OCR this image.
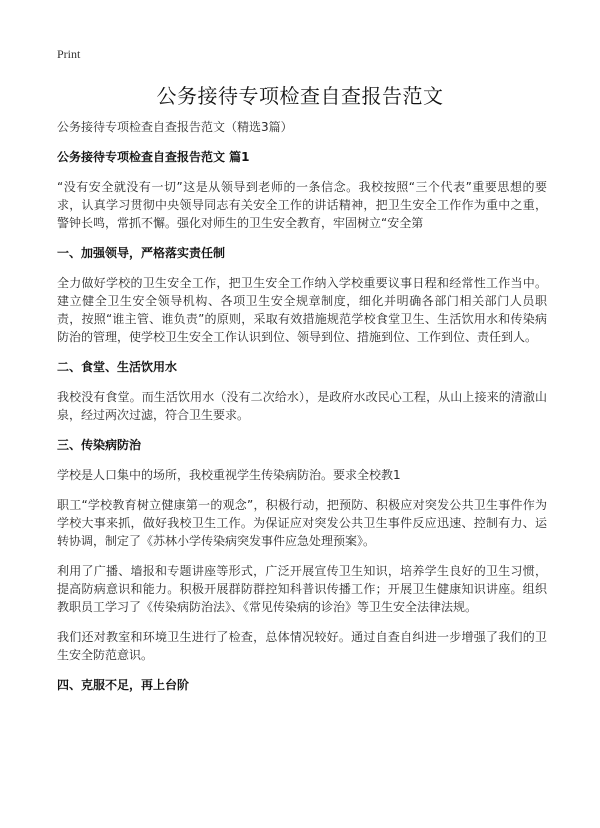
Print
公务接待专项检查自查报告范文

公务接待专项检查自查报告范文（精选3篇）

公务接待专项检查自查报告范文 篇1

“没有安全就没有一切”这是从领导到老师的一条信念。我校按照“三个代表”重要思想的要求，认真学习贯彻中央领导同志有关安全工作的讲话精神，把卫生安全工作作为重中之重，警钟长鸣，常抓不懈。强化对师生的卫生安全教育，牢固树立“安全第

一、加强领导，严格落实责任制

全力做好学校的卫生安全工作，把卫生安全工作纳入学校重要议事日程和经常性工作当中。建立健全卫生安全领导机构、各项卫生安全规章制度，细化并明确各部门相关部门人员职责，按照“谁主管、谁负责”的原则，采取有效措施规范学校食堂卫生、生活饮用水和传染病防治的管理，使学校卫生安全工作认识到位、领导到位、措施到位、工作到位、责任到人。

二、食堂、生活饮用水

我校没有食堂。而生活饮用水（没有二次给水），是政府水改民心工程，从山上接来的清澈山泉，经过两次过滤，符合卫生要求。

三、传染病防治

学校是人口集中的场所，我校重视学生传染病防治。要求全校教1

职工“学校教育树立健康第一的观念”，积极行动，把预防、积极应对突发公共卫生事件作为学校大事来抓，做好我校卫生工作。为保证应对突发公共卫生事件反应迅速、控制有力、运转协调，制定了《苏林小学传染病突发事件应急处理预案》。

利用了广播、墙报和专题讲座等形式，广泛开展宣传卫生知识，培养学生良好的卫生习惯，提高防病意识和能力。积极开展群防群控知科普识传播工作；开展卫生健康知识讲座。组织教职员工学习了《传染病防治法》、《常见传染病的诊治》等卫生安全法律法规。

我们还对教室和环境卫生进行了检查，总体情况较好。通过自查自纠进一步增强了我们的卫生安全防范意识。

四、克服不足，再上台阶
